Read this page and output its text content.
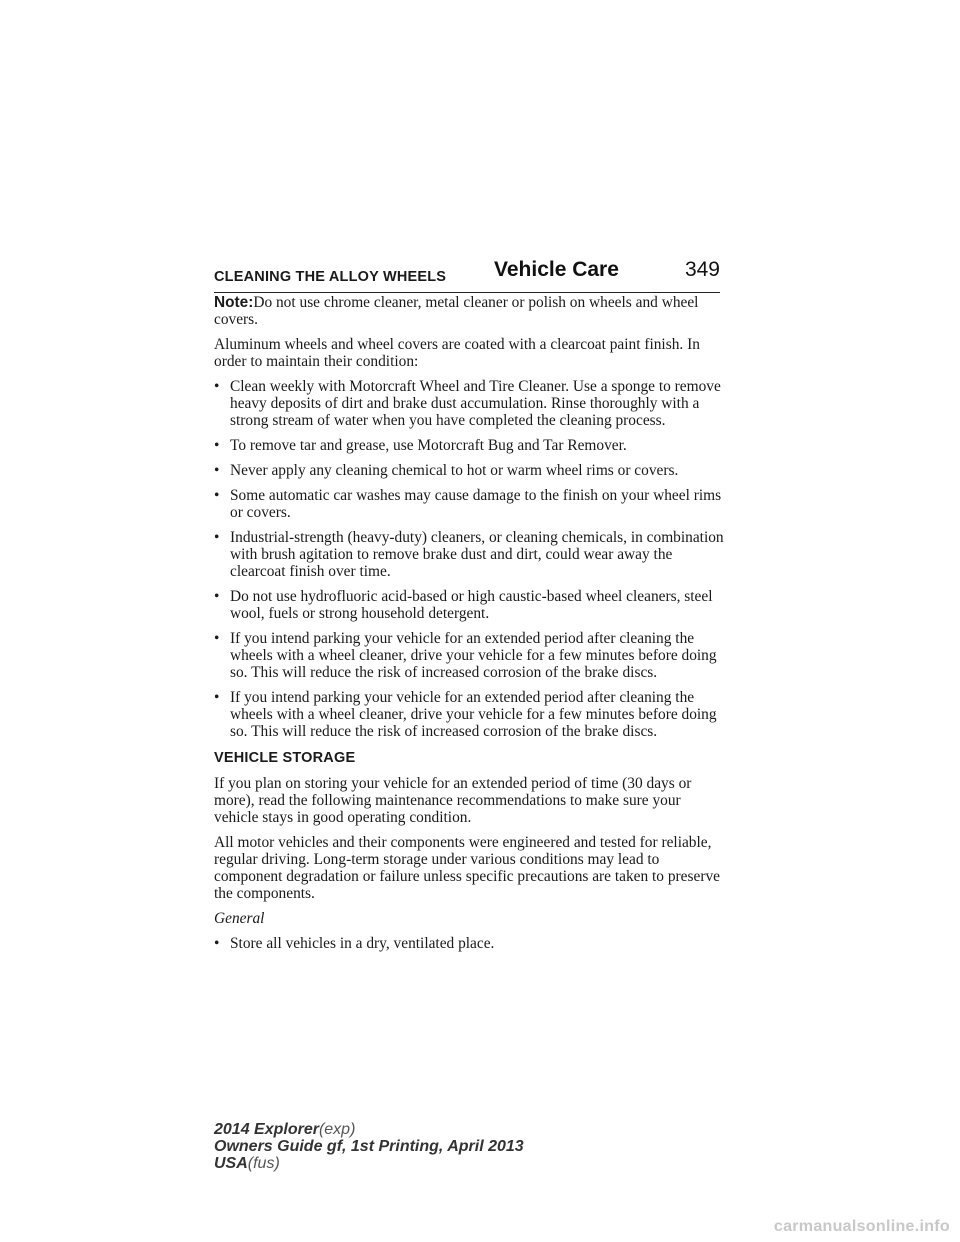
Vehicle Care	349
CLEANING THE ALLOY WHEELS

Note:Do not use chrome cleaner, metal cleaner or polish on wheels and wheel covers.

Aluminum wheels and wheel covers are coated with a clearcoat paint finish. In order to maintain their condition:

• Clean weekly with Motorcraft Wheel and Tire Cleaner. Use a sponge to remove heavy deposits of dirt and brake dust accumulation. Rinse thoroughly with a strong stream of water when you have completed the cleaning process.
• To remove tar and grease, use Motorcraft Bug and Tar Remover.
• Never apply any cleaning chemical to hot or warm wheel rims or covers.
• Some automatic car washes may cause damage to the finish on your wheel rims or covers.
• Industrial-strength (heavy-duty) cleaners, or cleaning chemicals, in combination with brush agitation to remove brake dust and dirt, could wear away the clearcoat finish over time.
• Do not use hydrofluoric acid-based or high caustic-based wheel cleaners, steel wool, fuels or strong household detergent.
• If you intend parking your vehicle for an extended period after cleaning the wheels with a wheel cleaner, drive your vehicle for a few minutes before doing so. This will reduce the risk of increased corrosion of the brake discs.
• If you intend parking your vehicle for an extended period after cleaning the wheels with a wheel cleaner, drive your vehicle for a few minutes before doing so. This will reduce the risk of increased corrosion of the brake discs.
VEHICLE STORAGE

If you plan on storing your vehicle for an extended period of time (30 days or more), read the following maintenance recommendations to make sure your vehicle stays in good operating condition.

All motor vehicles and their components were engineered and tested for reliable, regular driving. Long-term storage under various conditions may lead to component degradation or failure unless specific precautions are taken to preserve the components.

General

• Store all vehicles in a dry, ventilated place.
2014 Explorer(exp)
Owners Guide gf, 1st Printing, April 2013
USA(fus)
carmanualsonline.info
